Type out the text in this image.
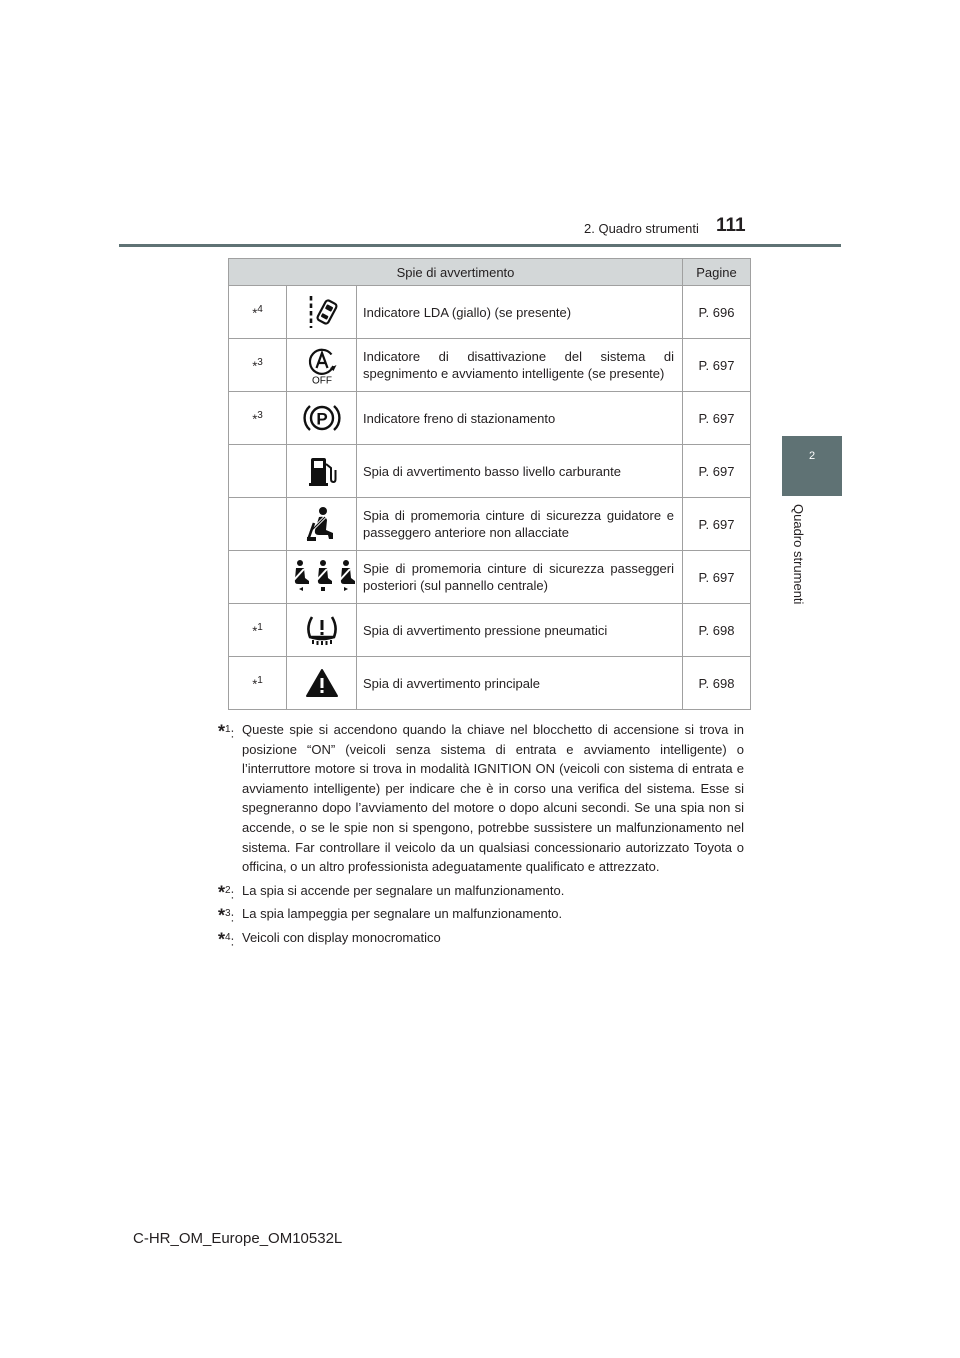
2. Quadro strumenti 111
2
Quadro strumenti
Spie di avvertimento			Pagine
*$^4$		Indicatore LDA (giallo) (se presente)	P. 696
*$^3$	OFF	Indicatore di disattivazione del sistema di spegnimento e avviamento intelligente (se presente)	P. 697
*$^3$	P	Indicatore freno di stazionamento	P. 697

	Spia di avvertimento basso livello carburante	P. 697

	Spia di promemoria cinture di sicurezza guidatore e passeggero anteriore non allacciate	P. 697

	Spie di promemoria cinture di sicurezza passeggeri posteriori (sul pannello centrale)	P. 697
*$^1$		Spia di avvertimento pressione pneumatici	P. 698
*$^1$		Spia di avvertimento principale	P. 698
*$^1$: Queste spie si accendono quando la chiave nel blocchetto di accensione si trova in posizione “ON” (veicoli senza sistema di entrata e avviamento intelligente) o l’interruttore motore si trova in modalità IGNITION ON (veicoli con sistema di entrata e avviamento intelligente) per indicare che è in corso una verifica del sistema. Esse si spegneranno dopo l’avviamento del motore o dopo alcuni secondi. Se una spia non si accende, o se le spie non si spengono, potrebbe sussistere un malfunzionamento nel sistema. Far controllare il veicolo da un qualsiasi concessionario autorizzato Toyota o officina, o un altro professionista adeguatamente qualificato e attrezzato.
*$^2$: La spia si accende per segnalare un malfunzionamento.
*$^3$: La spia lampeggia per segnalare un malfunzionamento.
*$^4$: Veicoli con display monocromatico
C-HR_OM_Europe_OM10532L
